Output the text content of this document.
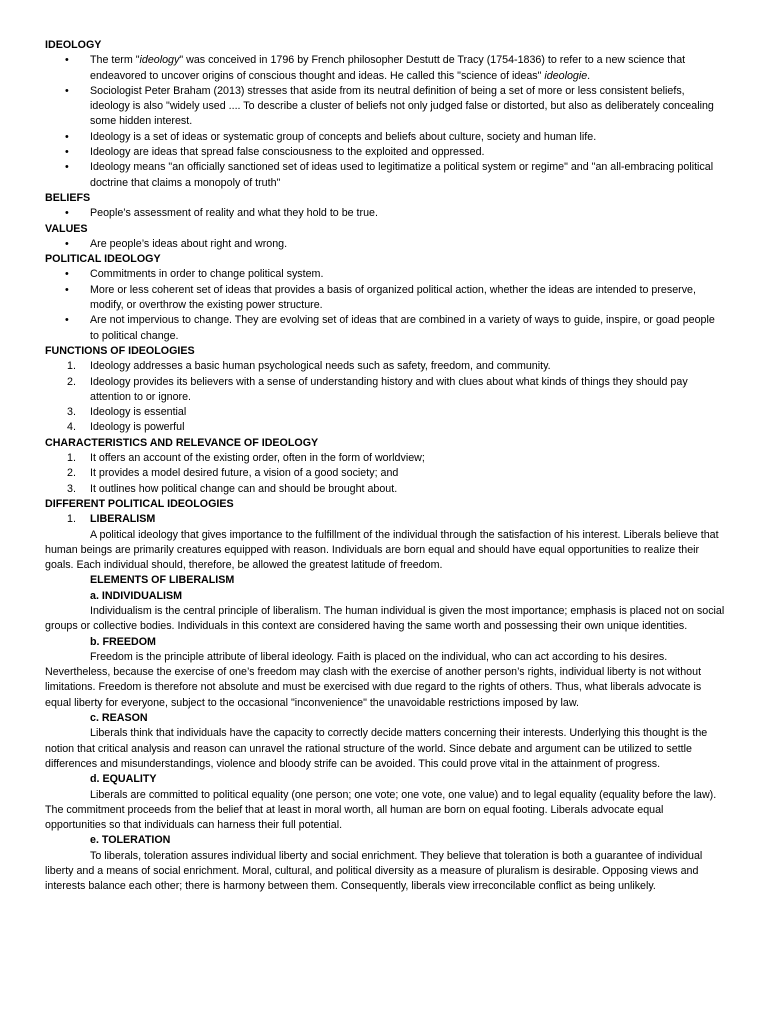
IDEOLOGY
•	The term "ideology" was conceived in 1796 by French philosopher Destutt de Tracy (1754-1836) to refer to a new science that endeavored to uncover origins of conscious thought and ideas. He called this "science of ideas" ideologie.
•	Sociologist Peter Braham (2013) stresses that aside from its neutral definition of being a set of more or less consistent beliefs, ideology is also "widely used .... To describe a cluster of beliefs not only judged false or distorted, but also as deliberately concealing some hidden interest.
•	Ideology is a set of ideas or systematic group of concepts and beliefs about culture, society and human life.
•	Ideology are ideas that spread false consciousness to the exploited and oppressed.
•	Ideology means "an officially sanctioned set of ideas used to legitimatize a political system or regime" and "an all-embracing political doctrine that claims a monopoly of truth"
BELIEFS
•	People’s assessment of reality and what they hold to be true.
VALUES
•	Are people’s ideas about right and wrong.
POLITICAL IDEOLOGY
•	Commitments in order to change political system.
•	More or less coherent set of ideas that provides a basis of organized political action, whether the ideas are intended to preserve, modify, or overthrow the existing power structure.
•	Are not impervious to change. They are evolving set of ideas that are combined in a variety of ways to guide, inspire, or goad people to political change.
FUNCTIONS OF IDEOLOGIES
1.	Ideology addresses a basic human psychological needs such as safety, freedom, and community.
2.	Ideology provides its believers with a sense of understanding history and with clues about what kinds of things they should pay attention to or ignore.
3.	Ideology is essential
4.	Ideology is powerful
CHARACTERISTICS AND RELEVANCE OF IDEOLOGY
1.	It offers an account of the existing order, often in the form of worldview;
2.	It provides a model desired future, a vision of a good society; and
3.	It outlines how political change can and should be brought about.
DIFFERENT POLITICAL IDEOLOGIES
1. LIBERALISM
A political ideology that gives importance to the fulfillment of the individual through the satisfaction of his interest. Liberals believe that human beings are primarily creatures equipped with reason. Individuals are born equal and should have equal opportunities to realize their goals. Each individual should, therefore, be allowed the greatest latitude of freedom.
ELEMENTS OF LIBERALISM
a. INDIVIDUALISM
Individualism is the central principle of liberalism. The human individual is given the most importance; emphasis is placed not on social groups or collective bodies. Individuals in this context are considered having the same worth and possessing their own unique identities.
b. FREEDOM
Freedom is the principle attribute of liberal ideology. Faith is placed on the individual, who can act according to his desires. Nevertheless, because the exercise of one’s freedom may clash with the exercise of another person’s rights, individual liberty is not without limitations. Freedom is therefore not absolute and must be exercised with due regard to the rights of others. Thus, what liberals advocate is equal liberty for everyone, subject to the occasional "inconvenience" the unavoidable restrictions imposed by law.
c. REASON
Liberals think that individuals have the capacity to correctly decide matters concerning their interests. Underlying this thought is the notion that critical analysis and reason can unravel the rational structure of the world. Since debate and argument can be utilized to settle differences and misunderstandings, violence and bloody strife can be avoided. This could prove vital in the attainment of progress.
d. EQUALITY
Liberals are committed to political equality (one person; one vote; one vote, one value) and to legal equality (equality before the law). The commitment proceeds from the belief that at least in moral worth, all human are born on equal footing. Liberals advocate equal opportunities so that individuals can harness their full potential.
e. TOLERATION
To liberals, toleration assures individual liberty and social enrichment. They believe that toleration is both a guarantee of individual liberty and a means of social enrichment. Moral, cultural, and political diversity as a measure of pluralism is desirable. Opposing views and interests balance each other; there is harmony between them. Consequently, liberals view irreconcilable conflict as being unlikely.
